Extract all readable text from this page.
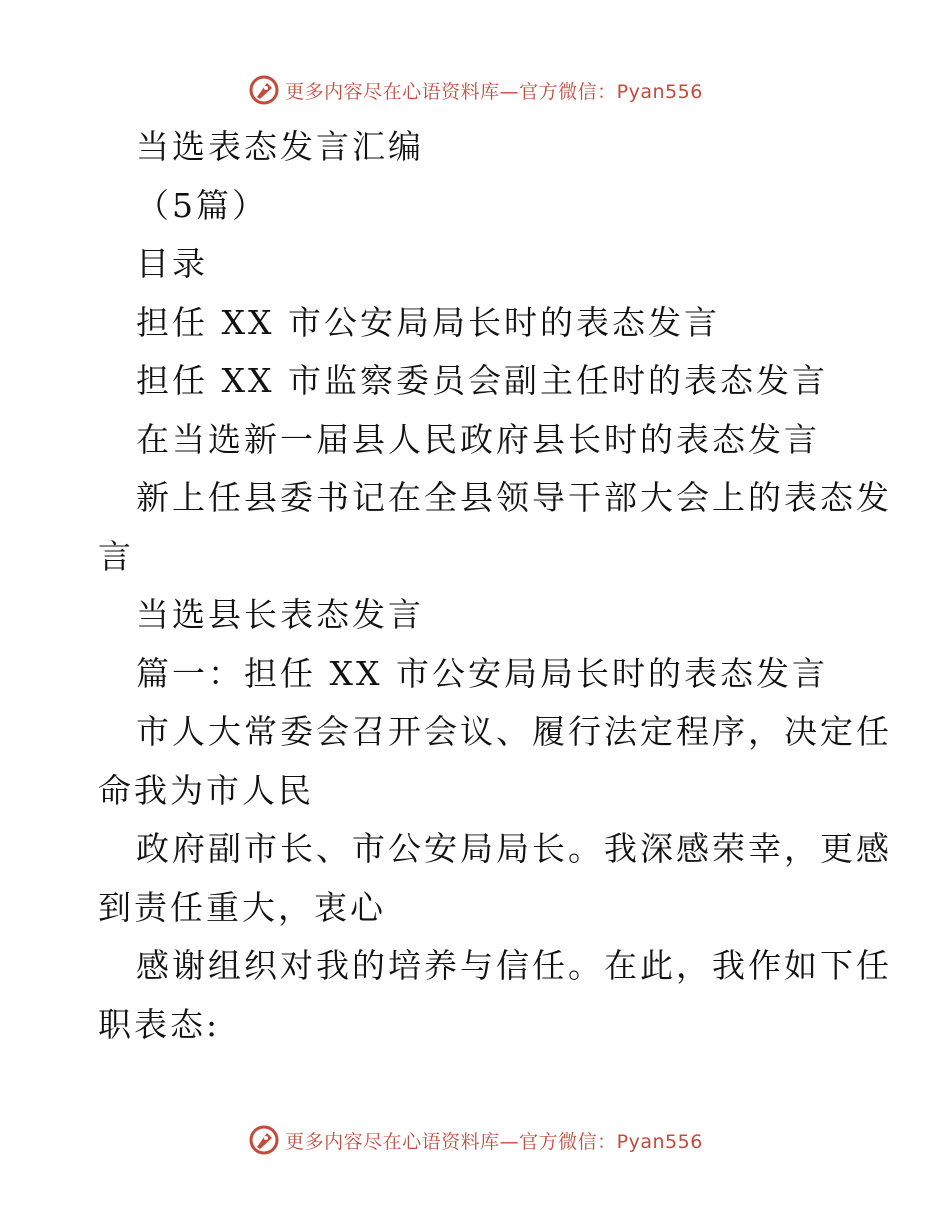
更多内容尽在心语资料库—官方微信：Pyan556
当选表态发言汇编
（5篇）
目录
担任 XX 市公安局局长时的表态发言
担任 XX 市监察委员会副主任时的表态发言
在当选新一届县人民政府县长时的表态发言
新上任县委书记在全县领导干部大会上的表态发
言
当选县长表态发言
篇一：担任 XX 市公安局局长时的表态发言
市人大常委会召开会议、履行法定程序，决定任
命我为市人民
政府副市长、市公安局局长。我深感荣幸，更感
到责任重大，衷心
感谢组织对我的培养与信任。在此，我作如下任
职表态:
更多内容尽在心语资料库—官方微信：Pyan556
